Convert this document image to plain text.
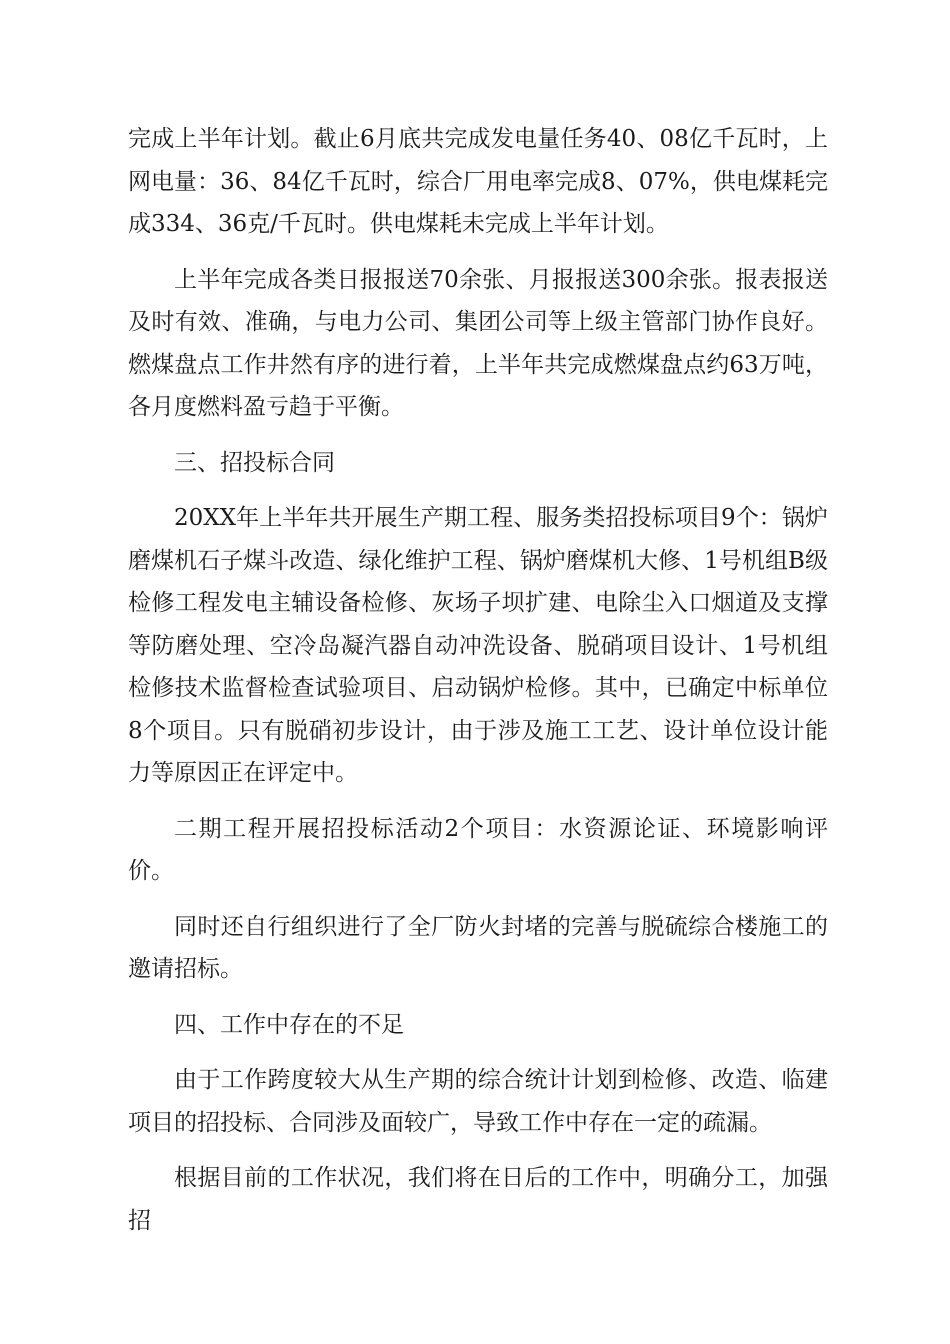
完成上半年计划。截止6月底共完成发电量任务40、08亿千瓦时，上网电量：36、84亿千瓦时，综合厂用电率完成8、07%，供电煤耗完成334、36克/千瓦时。供电煤耗未完成上半年计划。

上半年完成各类日报报送70余张、月报报送300余张。报表报送及时有效、准确，与电力公司、集团公司等上级主管部门协作良好。燃煤盘点工作井然有序的进行着，上半年共完成燃煤盘点约63万吨，各月度燃料盈亏趋于平衡。

三、招投标合同

20XX年上半年共开展生产期工程、服务类招投标项目9个：锅炉磨煤机石子煤斗改造、绿化维护工程、锅炉磨煤机大修、1号机组B级检修工程发电主辅设备检修、灰场子坝扩建、电除尘入口烟道及支撑等防磨处理、空冷岛凝汽器自动冲洗设备、脱硝项目设计、1号机组检修技术监督检查试验项目、启动锅炉检修。其中，已确定中标单位8个项目。只有脱硝初步设计，由于涉及施工工艺、设计单位设计能力等原因正在评定中。

二期工程开展招投标活动2个项目：水资源论证、环境影响评价。

同时还自行组织进行了全厂防火封堵的完善与脱硫综合楼施工的邀请招标。

四、工作中存在的不足

由于工作跨度较大从生产期的综合统计计划到检修、改造、临建项目的招投标、合同涉及面较广，导致工作中存在一定的疏漏。

根据目前的工作状况，我们将在日后的工作中，明确分工，加强招
